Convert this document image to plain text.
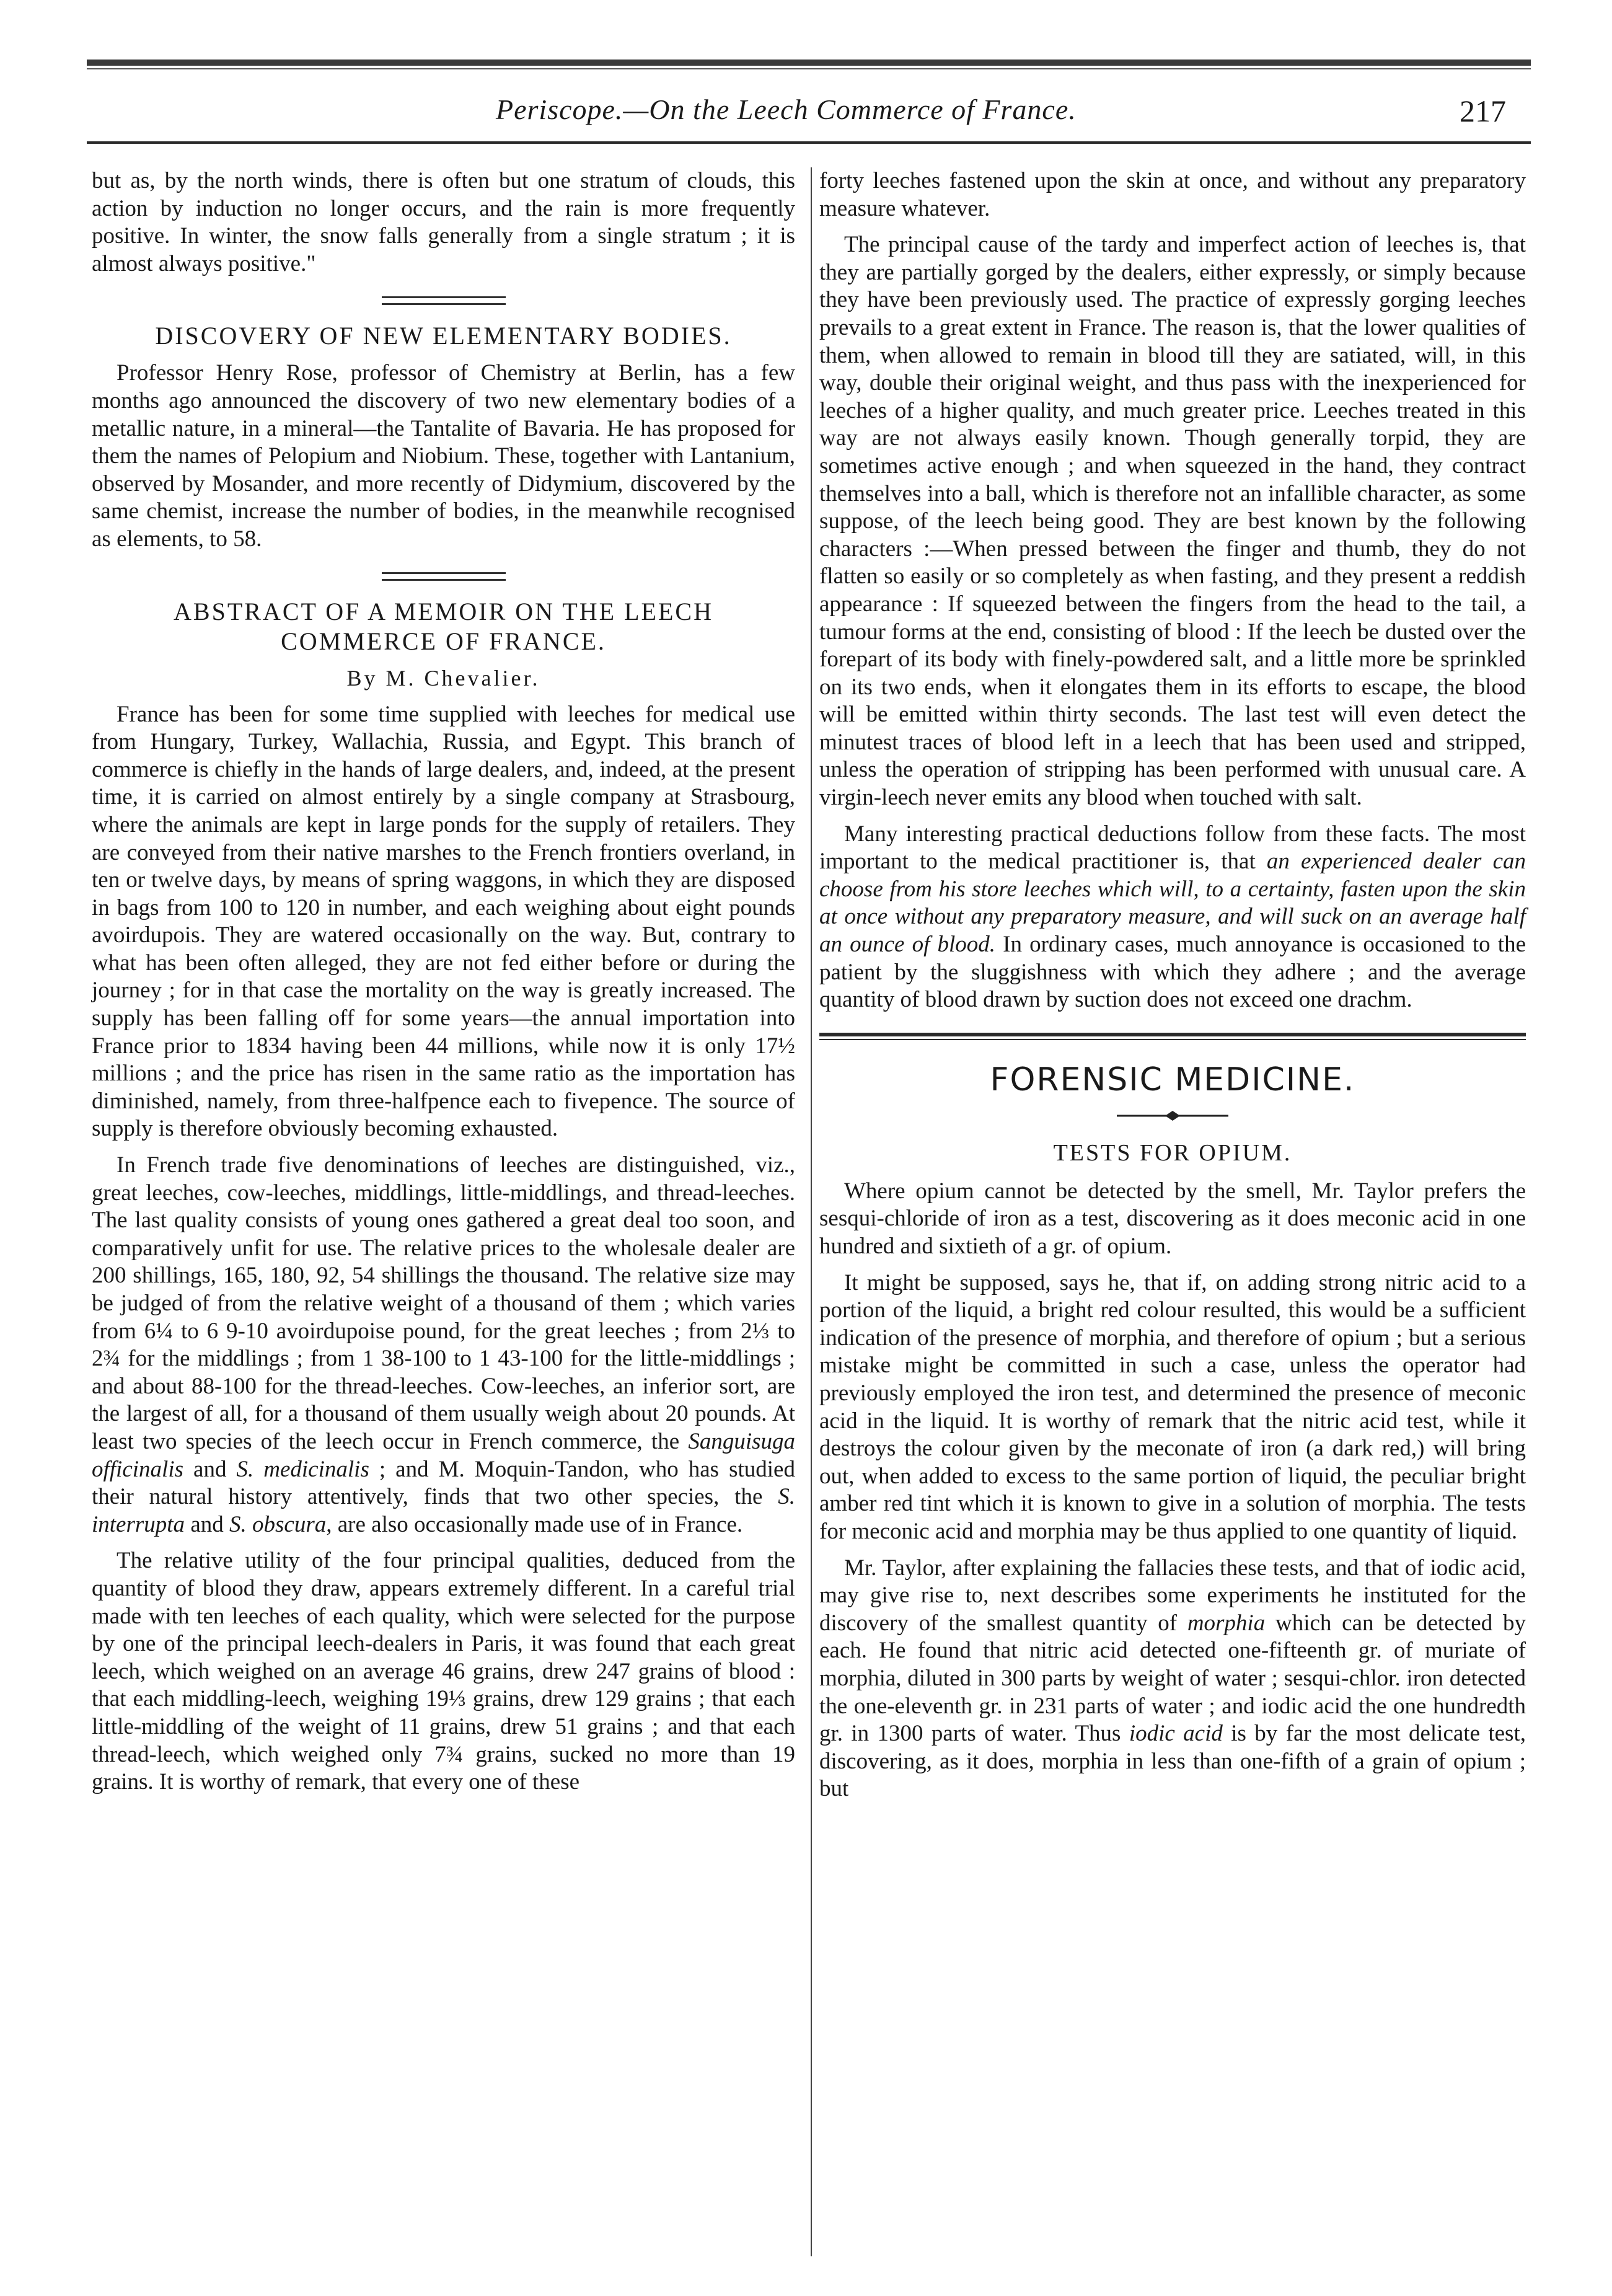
Periscope.—On the Leech Commerce of France.	217

but as, by the north winds, there is often but one stratum of clouds, this action by induction no longer occurs, and the rain is more frequently positive. In winter, the snow falls generally from a single stratum ; it is almost always positive."

DISCOVERY OF NEW ELEMENTARY BODIES.

Professor Henry Rose, professor of Chemistry at Berlin, has a few months ago announced the discovery of two new elementary bodies of a metallic nature, in a mineral—the Tantalite of Bavaria. He has proposed for them the names of Pelopium and Niobium. These, together with Lantanium, observed by Mosander, and more recently of Didymium, discovered by the same chemist, increase the number of bodies, in the meanwhile recognised as elements, to 58.

ABSTRACT OF A MEMOIR ON THE LEECH COMMERCE OF FRANCE.
By M. Chevalier.

France has been for some time supplied with leeches for medical use from Hungary, Turkey, Wallachia, Russia, and Egypt. This branch of commerce is chiefly in the hands of large dealers, and, indeed, at the present time, it is carried on almost entirely by a single company at Strasbourg, where the animals are kept in large ponds for the supply of retailers. They are conveyed from their native marshes to the French frontiers overland, in ten or twelve days, by means of spring waggons, in which they are disposed in bags from 100 to 120 in number, and each weighing about eight pounds avoirdupois. They are watered occasionally on the way. But, contrary to what has been often alleged, they are not fed either before or during the journey ; for in that case the mortality on the way is greatly increased. The supply has been falling off for some years—the annual importation into France prior to 1834 having been 44 millions, while now it is only 17½ millions ; and the price has risen in the same ratio as the importation has diminished, namely, from three-halfpence each to fivepence. The source of supply is therefore obviously becoming exhausted.

In French trade five denominations of leeches are distinguished, viz., great leeches, cow-leeches, middlings, little-middlings, and thread-leeches. The last quality consists of young ones gathered a great deal too soon, and comparatively unfit for use. The relative prices to the wholesale dealer are 200 shillings, 165, 180, 92, 54 shillings the thousand. The relative size may be judged of from the relative weight of a thousand of them ; which varies from 6¼ to 6 9-10 avoirdupoise pound, for the great leeches ; from 2⅓ to 2¾ for the middlings ; from 1 38-100 to 1 43-100 for the little-middlings ; and about 88-100 for the thread-leeches. Cow-leeches, an inferior sort, are the largest of all, for a thousand of them usually weigh about 20 pounds. At least two species of the leech occur in French commerce, the Sanguisuga officinalis and S. medicinalis ; and M. Moquin-Tandon, who has studied their natural history attentively, finds that two other species, the S. interrupta and S. obscura, are also occasionally made use of in France.

The relative utility of the four principal qualities, deduced from the quantity of blood they draw, appears extremely different. In a careful trial made with ten leeches of each quality, which were selected for the purpose by one of the principal leech-dealers in Paris, it was found that each great leech, which weighed on an average 46 grains, drew 247 grains of blood : that each middling-leech, weighing 19⅓ grains, drew 129 grains ; that each little-middling of the weight of 11 grains, drew 51 grains ; and that each thread-leech, which weighed only 7¾ grains, sucked no more than 19 grains. It is worthy of remark, that every one of these

forty leeches fastened upon the skin at once, and without any preparatory measure whatever.

The principal cause of the tardy and imperfect action of leeches is, that they are partially gorged by the dealers, either expressly, or simply because they have been previously used. The practice of expressly gorging leeches prevails to a great extent in France. The reason is, that the lower qualities of them, when allowed to remain in blood till they are satiated, will, in this way, double their original weight, and thus pass with the inexperienced for leeches of a higher quality, and much greater price. Leeches treated in this way are not always easily known. Though generally torpid, they are sometimes active enough ; and when squeezed in the hand, they contract themselves into a ball, which is therefore not an infallible character, as some suppose, of the leech being good. They are best known by the following characters :—When pressed between the finger and thumb, they do not flatten so easily or so completely as when fasting, and they present a reddish appearance : If squeezed between the fingers from the head to the tail, a tumour forms at the end, consisting of blood : If the leech be dusted over the forepart of its body with finely-powdered salt, and a little more be sprinkled on its two ends, when it elongates them in its efforts to escape, the blood will be emitted within thirty seconds. The last test will even detect the minutest traces of blood left in a leech that has been used and stripped, unless the operation of stripping has been performed with unusual care. A virgin-leech never emits any blood when touched with salt.

Many interesting practical deductions follow from these facts. The most important to the medical practitioner is, that an experienced dealer can choose from his store leeches which will, to a certainty, fasten upon the skin at once without any preparatory measure, and will suck on an average half an ounce of blood. In ordinary cases, much annoyance is occasioned to the patient by the sluggishness with which they adhere ; and the average quantity of blood drawn by suction does not exceed one drachm.

FORENSIC MEDICINE.
TESTS FOR OPIUM.

Where opium cannot be detected by the smell, Mr. Taylor prefers the sesqui-chloride of iron as a test, discovering as it does meconic acid in one hundred and sixtieth of a gr. of opium.

It might be supposed, says he, that if, on adding strong nitric acid to a portion of the liquid, a bright red colour resulted, this would be a sufficient indication of the presence of morphia, and therefore of opium ; but a serious mistake might be committed in such a case, unless the operator had previously employed the iron test, and determined the presence of meconic acid in the liquid. It is worthy of remark that the nitric acid test, while it destroys the colour given by the meconate of iron (a dark red,) will bring out, when added to excess to the same portion of liquid, the peculiar bright amber red tint which it is known to give in a solution of morphia. The tests for meconic acid and morphia may be thus applied to one quantity of liquid.

Mr. Taylor, after explaining the fallacies these tests, and that of iodic acid, may give rise to, next describes some experiments he instituted for the discovery of the smallest quantity of morphia which can be detected by each. He found that nitric acid detected one-fifteenth gr. of muriate of morphia, diluted in 300 parts by weight of water ; sesqui-chlor. iron detected the one-eleventh gr. in 231 parts of water ; and iodic acid the one hundredth gr. in 1300 parts of water. Thus iodic acid is by far the most delicate test, discovering, as it does, morphia in less than one-fifth of a grain of opium ; but
